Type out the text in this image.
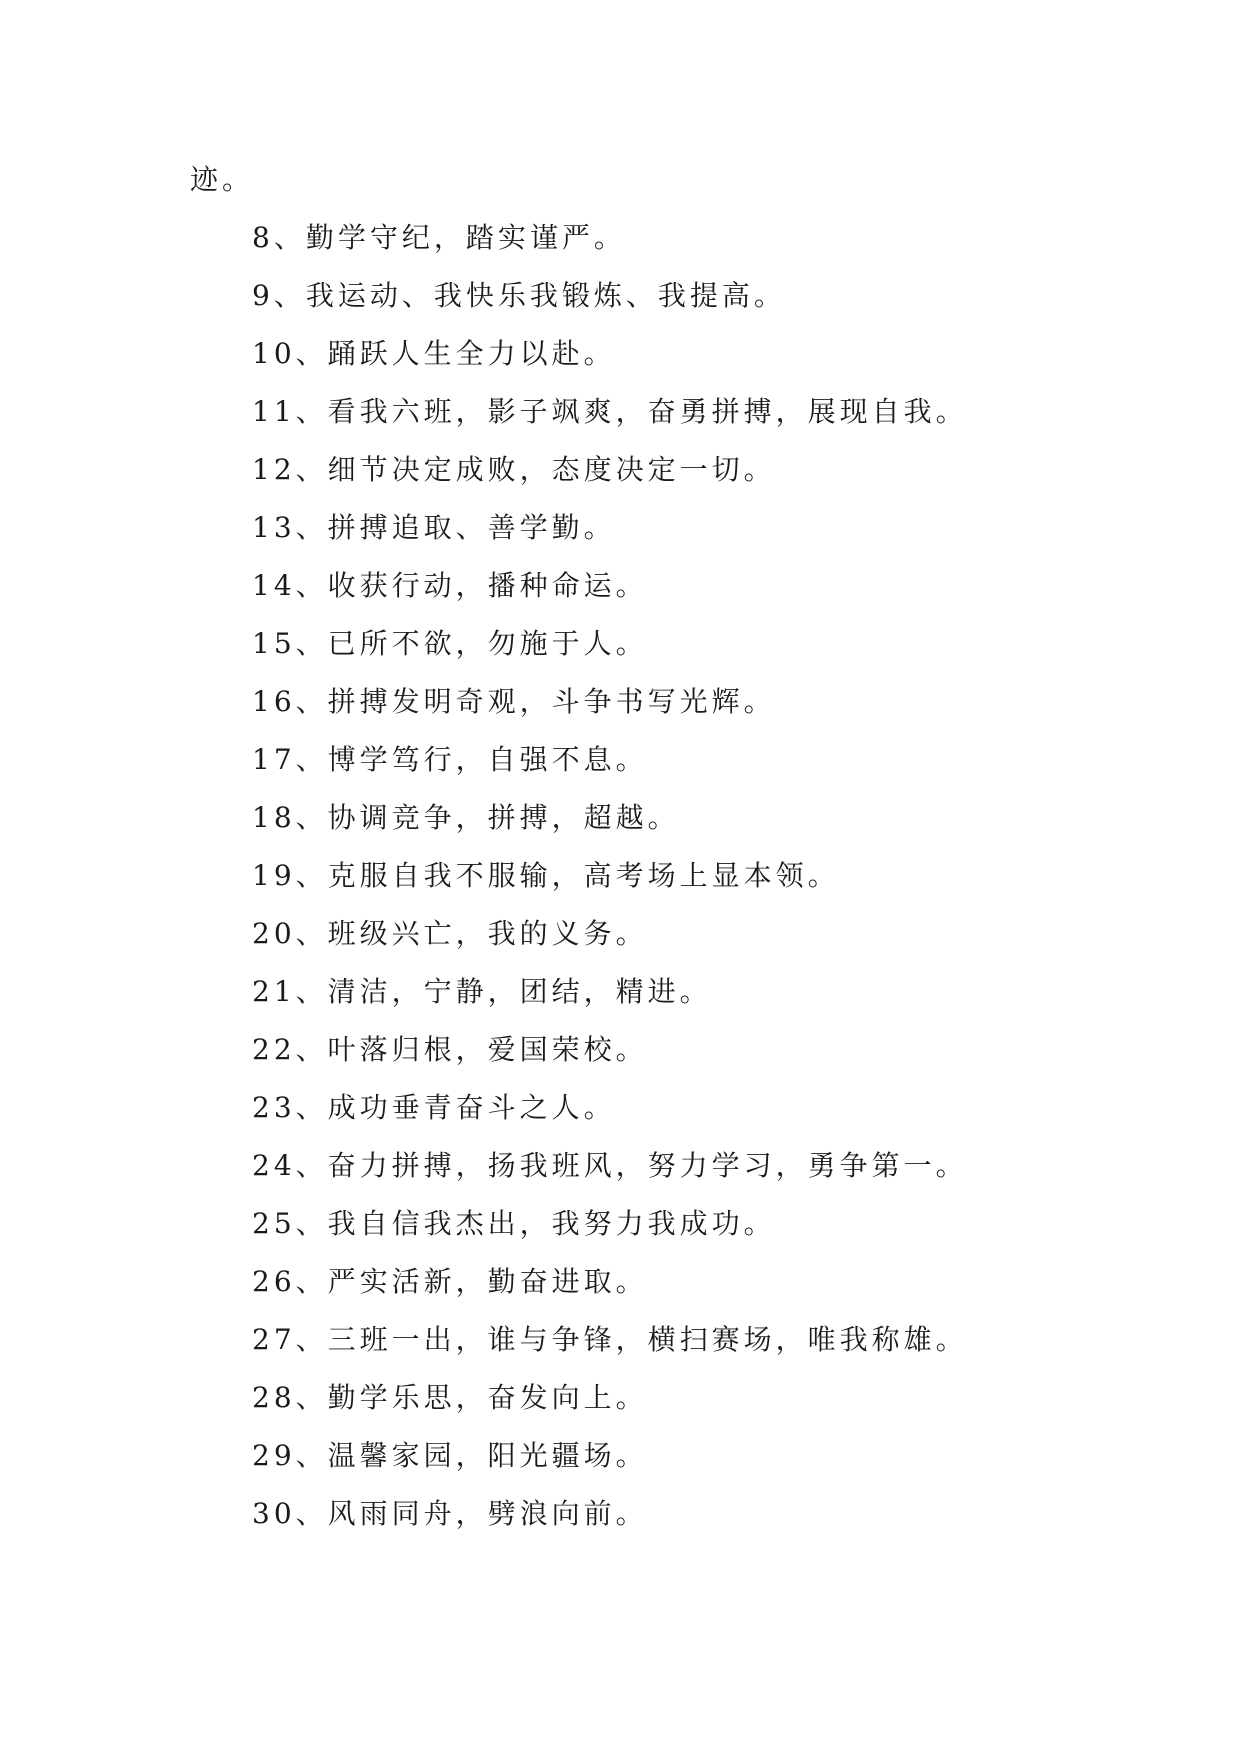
迹。
8、勤学守纪，踏实谨严。
9、我运动、我快乐我锻炼、我提高。
10、踊跃人生全力以赴。
11、看我六班，影子飒爽，奋勇拼搏，展现自我。
12、细节决定成败，态度决定一切。
13、拼搏追取、善学勤。
14、收获行动，播种命运。
15、已所不欲，勿施于人。
16、拼搏发明奇观，斗争书写光辉。
17、博学笃行，自强不息。
18、协调竞争，拼搏，超越。
19、克服自我不服输，高考场上显本领。
20、班级兴亡，我的义务。
21、清洁，宁静，团结，精进。
22、叶落归根，爱国荣校。
23、成功垂青奋斗之人。
24、奋力拼搏，扬我班风，努力学习，勇争第一。
25、我自信我杰出，我努力我成功。
26、严实活新，勤奋进取。
27、三班一出，谁与争锋，横扫赛场，唯我称雄。
28、勤学乐思，奋发向上。
29、温馨家园，阳光疆场。
30、风雨同舟，劈浪向前。
